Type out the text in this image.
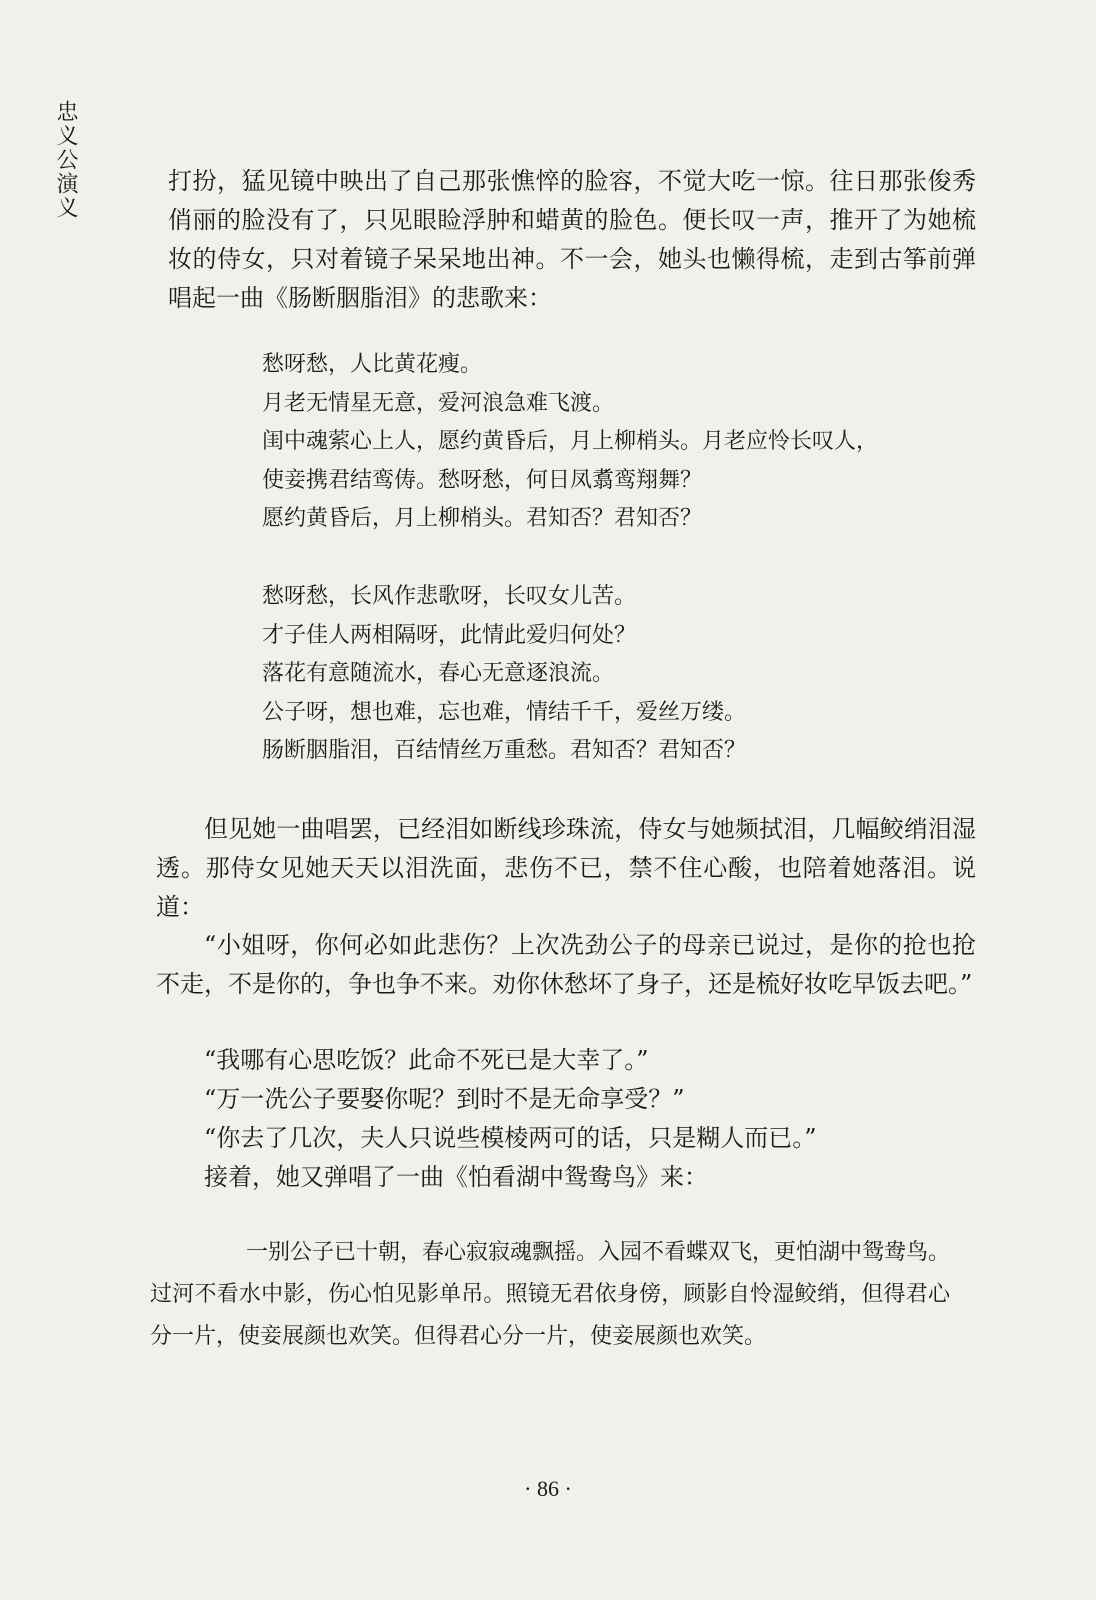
忠义公演义	打扮，猛见镜中映出了自己那张憔悴的脸容，不觉大吃一惊。往日那张俊秀俏丽的脸没有了，只见眼睑浮肿和蜡黄的脸色。便长叹一声，推开了为她梳妆的侍女，只对着镜子呆呆地出神。不一会，她头也懒得梳，走到古筝前弹唱起一曲《肠断胭脂泪》的悲歌来：

愁呀愁，人比黄花瘦。
月老无情星无意，爱河浪急难飞渡。
闺中魂萦心上人，愿约黄昏后，月上柳梢头。月老应怜长叹人，
使妾携君结鸾俦。愁呀愁，何日凤翥鸾翔舞？
愿约黄昏后，月上柳梢头。君知否？君知否？
愁呀愁，长风作悲歌呀，长叹女儿苦。
才子佳人两相隔呀，此情此爱归何处？
落花有意随流水，春心无意逐浪流。
公子呀，想也难，忘也难，情结千千，爱丝万缕。
肠断胭脂泪，百结情丝万重愁。君知否？君知否？

但见她一曲唱罢，已经泪如断线珍珠流，侍女与她频拭泪，几幅鲛绡泪湿透。那侍女见她天天以泪洗面，悲伤不已，禁不住心酸，也陪着她落泪。说道：

“小姐呀，你何必如此悲伤？上次冼劲公子的母亲已说过，是你的抢也抢不走，不是你的，争也争不来。劝你休愁坏了身子，还是梳好妆吃早饭去吧。”

“我哪有心思吃饭？此命不死已是大幸了。”

“万一冼公子要娶你呢？到时不是无命享受？”

“你去了几次，夫人只说些模棱两可的话，只是糊人而已。”

接着，她又弹唱了一曲《怕看湖中鸳鸯鸟》来：

一别公子已十朝，春心寂寂魂飘摇。入园不看蝶双飞，更怕湖中鸳鸯鸟。过河不看水中影，伤心怕见影单吊。照镜无君依身傍，顾影自怜湿鲛绡，但得君心分一片，使妾展颜也欢笑。但得君心分一片，使妾展颜也欢笑。

· 86 ·
